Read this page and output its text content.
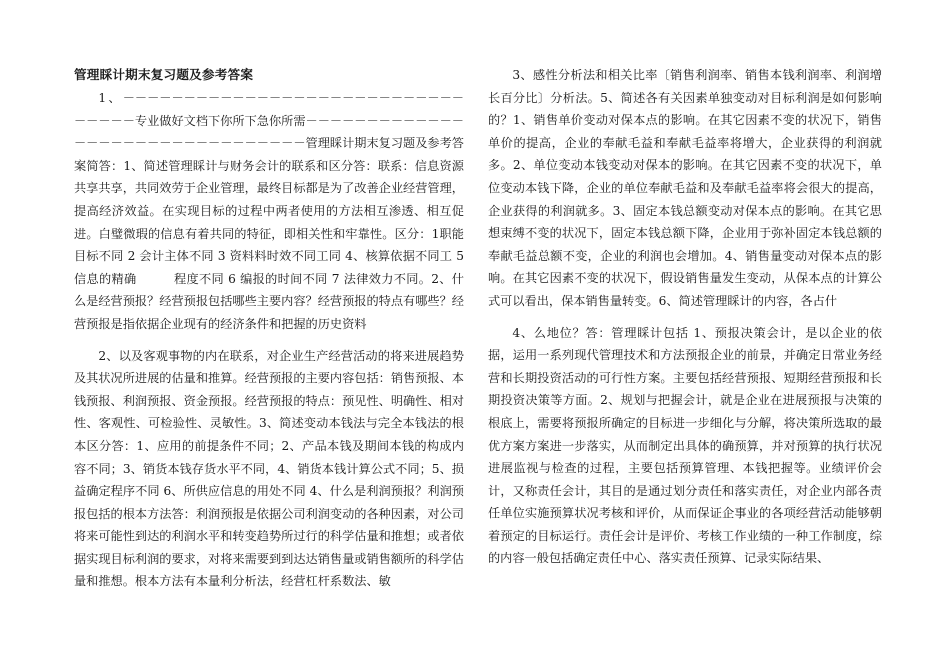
管理睬计期末复习题及参考答案

1、－－－－－－－－－－－－－－－－－－－－－－－－－－－－－－－－－专业做好文档下你所下急你所需－－－－－－－－－－－－－－－－－－－－－－－－－－－－－－－－管理睬计期末复习题及参考答案简答：1、简述管理睬计与财务会计的联系和区分答：联系：信息资源共享共享，共同效劳于企业管理，最终目标都是为了改善企业经营管理，提高经济效益。在实现目标的过程中两者使用的方法相互渗透、相互促进。白璧微瑕的信息有着共同的特征，即相关性和牢靠性。区分：1职能目标不同 2 会计主体不同 3 资料料时效不同工同 4、核算依据不同工 5 信息的精确　　　程度不同 6 编报的时间不同 7 法律效力不同。2、什么是经营预报？经营预报包括哪些主要内容？经营预报的特点有哪些？经营预报是指依据企业现有的经济条件和把握的历史资料

2、以及客观事物的内在联系，对企业生产经营活动的将来进展趋势及其状况所进展的估量和推算。经营预报的主要内容包括：销售预报、本钱预报、利润预报、资金预报。经营预报的特点：预见性、明确性、相对性、客观性、可检验性、灵敏性。3、简述变动本钱法与完全本钱法的根本区分答：1、应用的前提条件不同；2、产品本钱及期间本钱的构成内容不同；3、销货本钱存货水平不同，4、销货本钱计算公式不同；5、损益确定程序不同 6、所供应信息的用处不同 4、什么是利润预报？利润预报包括的根本方法答：利润预报是依据公司利润变动的各种因素，对公司将来可能性到达的利润水平和转变趋势所过行的科学估量和推想；或者依据实现目标利润的要求，对将来需要到到达达销售量或销售额所的科学估量和推想。根本方法有本量利分析法，经营杠杆系数法、敏

3、感性分析法和相关比率〔销售利润率、销售本钱利润率、利润增长百分比〕分析法。5、简述各有关因素单独变动对目标利润是如何影响的？1、销售单价变动对保本点的影响。在其它因素不变的状况下，销售单价的提高，企业的奉献毛益和奉献毛益率将增大，企业获得的利润就多。2、单位变动本钱变动对保本的影响。在其它因素不变的状况下，单位变动本钱下降，企业的单位奉献毛益和及奉献毛益率将会很大的提高，企业获得的利润就多。3、固定本钱总额变动对保本点的影响。在其它思想束缚不变的状况下，固定本钱总额下降，企业用于弥补固定本钱总额的奉献毛益总额不变，企业的利润也会增加。4、销售量变动对保本点的影响。在其它因素不变的状况下，假设销售量发生变动，从保本点的计算公式可以看出，保本销售量转变。6、简述管理睬计的内容，各占什

4、么地位？答：管理睬计包括 1、预报决策会计，是以企业的依据，运用一系列现代管理技术和方法预报企业的前景，并确定日常业务经营和长期投资活动的可行性方案。主要包括经营预报、短期经营预报和长期投资决策等方面。2、规划与把握会计，就是企业在进展预报与决策的根底上，需要将预报所确定的目标进一步细化与分解，将决策所选取的最优方案方案进一步落实，从而制定出具体的确预算，并对预算的执行状况进展监视与检查的过程，主要包括预算管理、本钱把握等。业绩评价会计，又称责任会计，其目的是通过划分责任和落实责任，对企业内部各责任单位实施预算状况考核和评价，从而保证企事业的各项经营活动能够朝着预定的目标运行。责任会计是评价、考核工作业绩的一种工作制度，综的内容一般包括确定责任中心、落实责任预算、记录实际结果、
